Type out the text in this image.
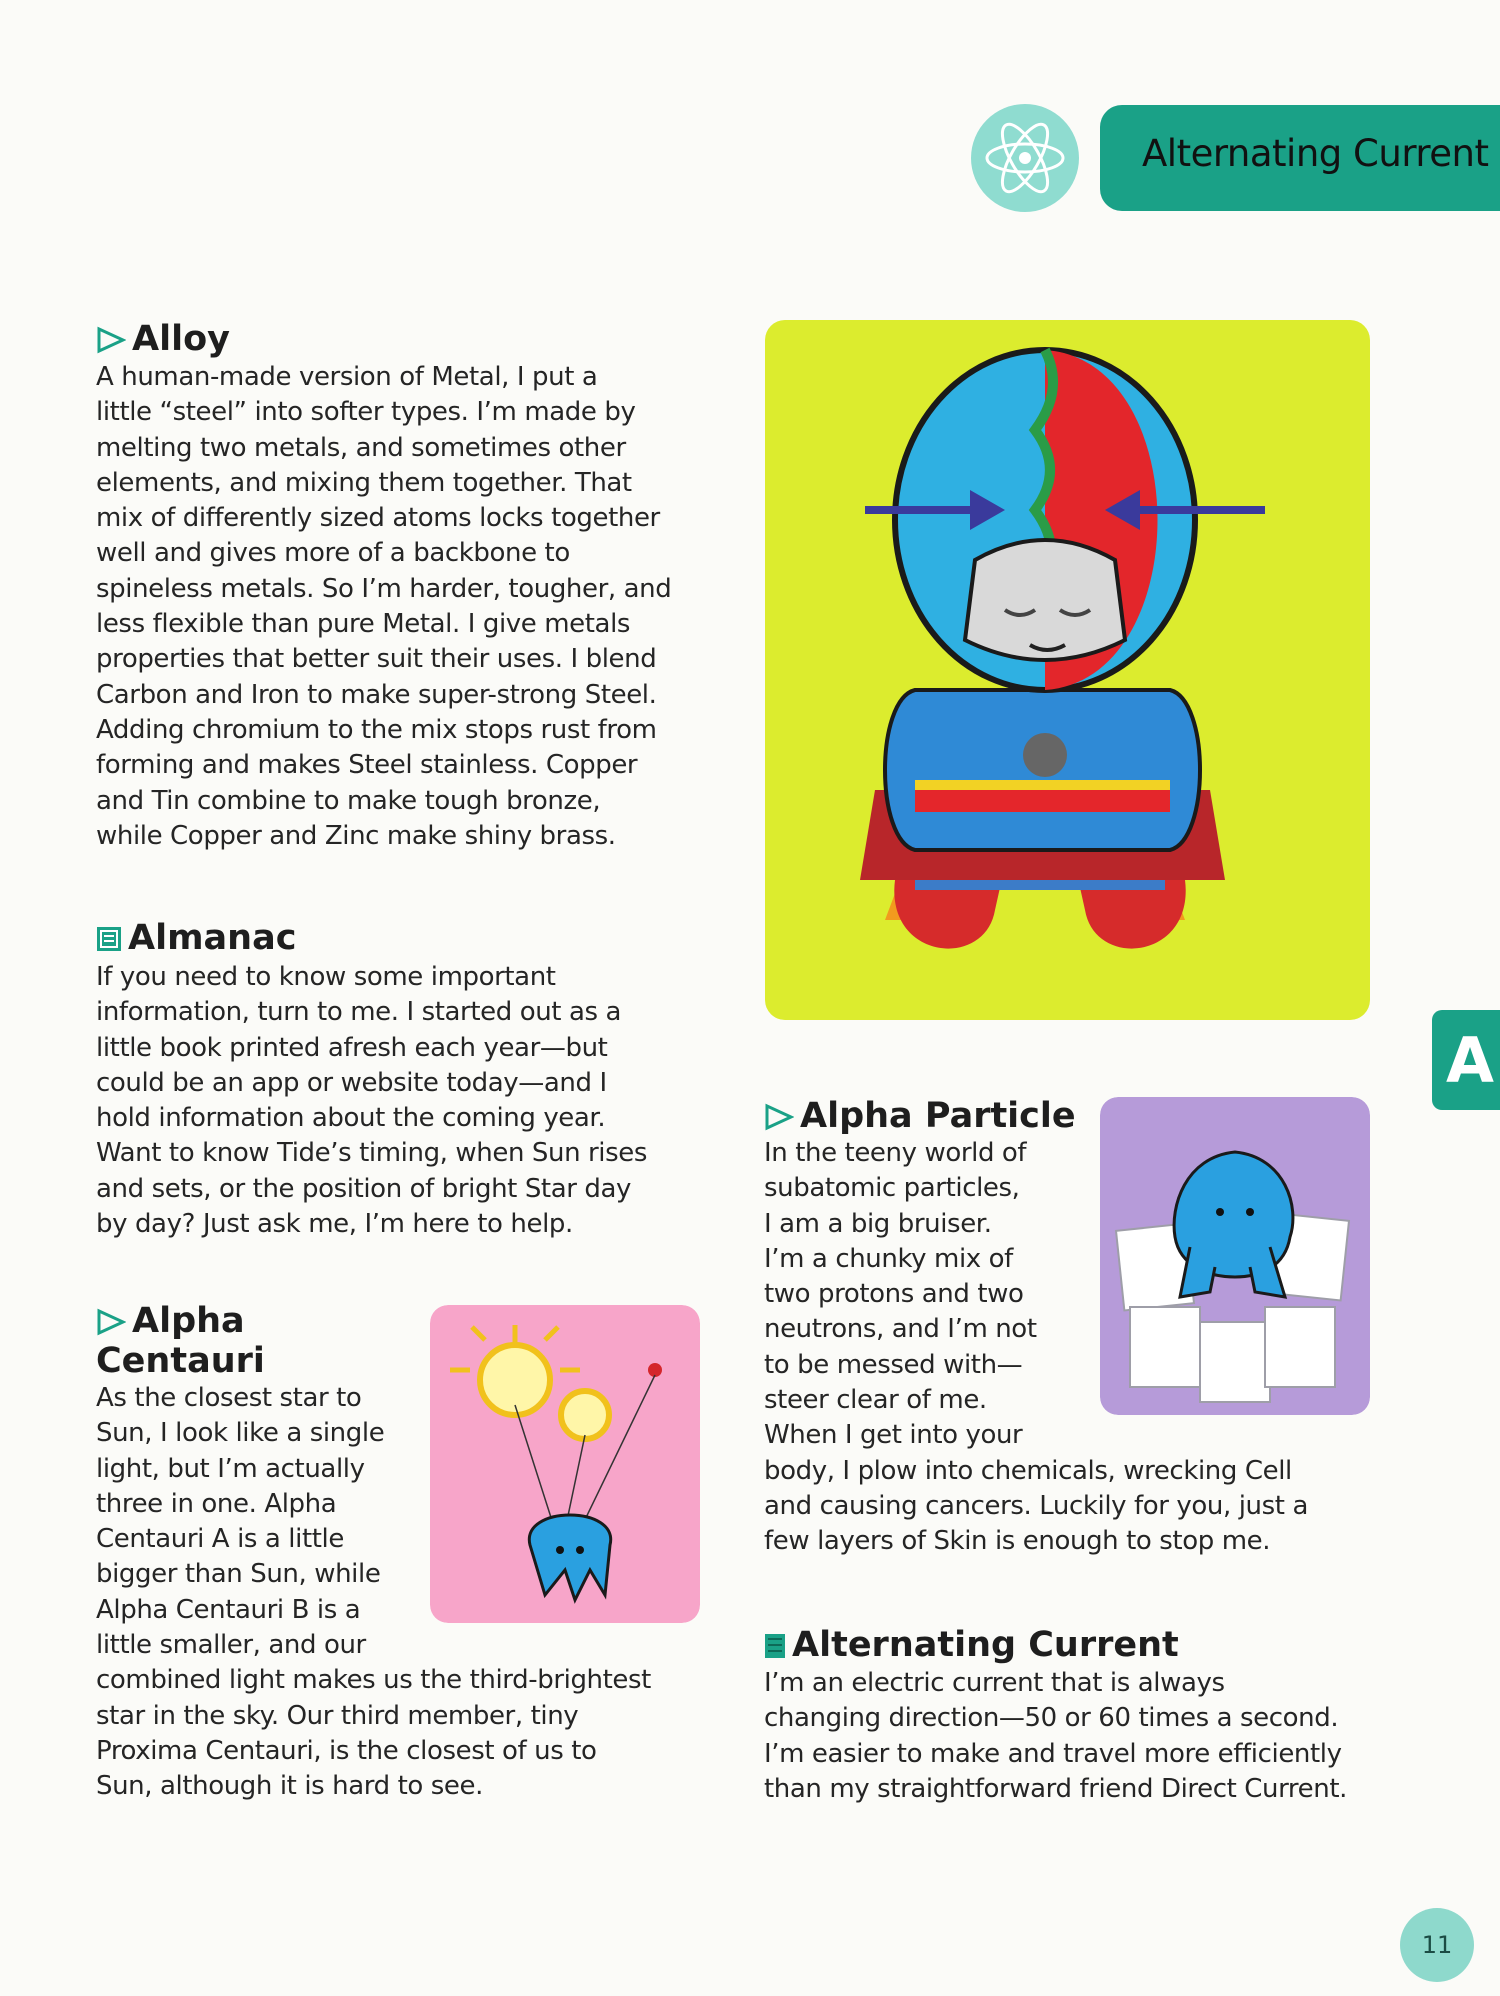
Alternating Current
A
Alloy
A human-made version of Metal, I put a
little “steel” into softer types. I’m made by
melting two metals, and sometimes other
elements, and mixing them together. That
mix of differently sized atoms locks together
well and gives more of a backbone to
spineless metals. So I’m harder, tougher, and
less flexible than pure Metal. I give metals
properties that better suit their uses. I blend
Carbon and Iron to make super-strong Steel.
Adding chromium to the mix stops rust from
forming and makes Steel stainless. Copper
and Tin combine to make tough bronze,
while Copper and Zinc make shiny brass.
Almanac
If you need to know some important
information, turn to me. I started out as a
little book printed afresh each year—but
could be an app or website today—and I
hold information about the coming year.
Want to know Tide’s timing, when Sun rises
and sets, or the position of bright Star day
by day? Just ask me, I’m here to help.
Alpha
Centauri
As the closest star to
Sun, I look like a single
light, but I’m actually
three in one. Alpha
Centauri A is a little
bigger than Sun, while
Alpha Centauri B is a
little smaller, and our
combined light makes us the third-brightest
star in the sky. Our third member, tiny
Proxima Centauri, is the closest of us to
Sun, although it is hard to see.
Alpha Particle
In the teeny world of
subatomic particles,
I am a big bruiser.
I’m a chunky mix of
two protons and two
neutrons, and I’m not
to be messed with—
steer clear of me.
When I get into your
body, I plow into chemicals, wrecking Cell
and causing cancers. Luckily for you, just a
few layers of Skin is enough to stop me.
Alternating Current
I’m an electric current that is always
changing direction—50 or 60 times a second.
I’m easier to make and travel more efficiently
than my straightforward friend Direct Current.
11
